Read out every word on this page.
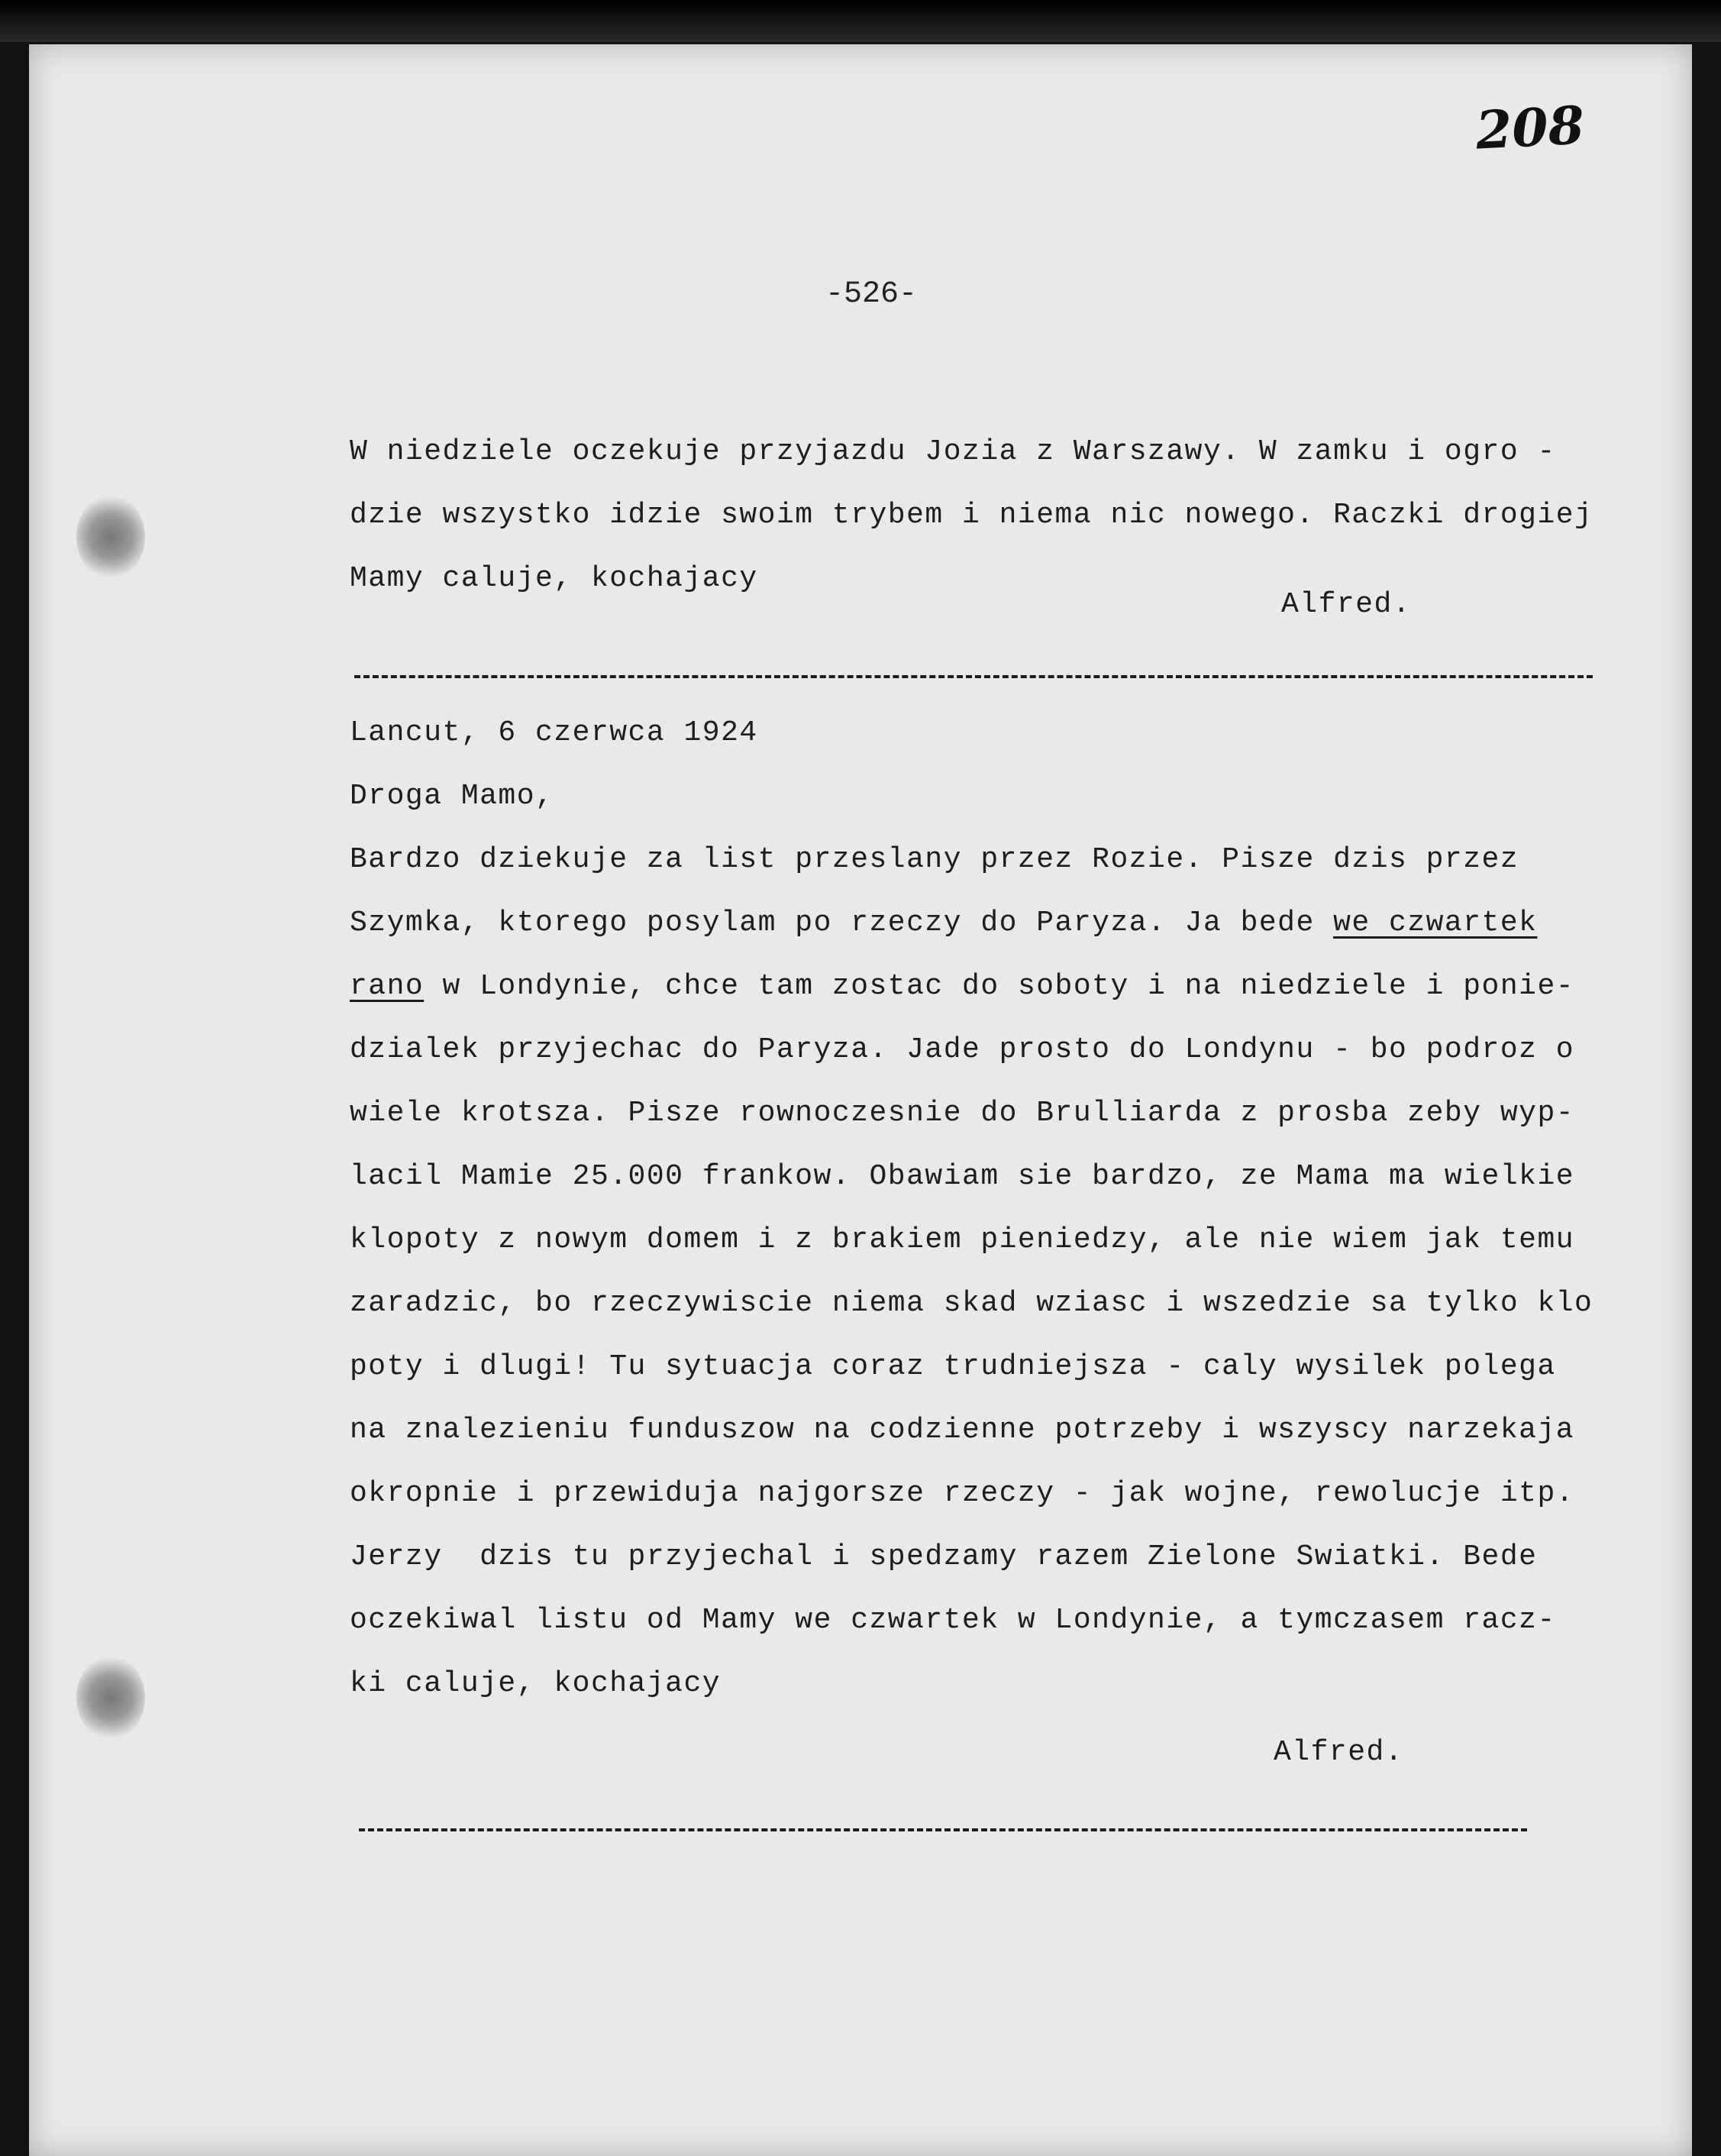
208
-526-
W niedziele oczekuje przyjazdu Jozia z Warszawy. W zamku i ogro -
dzie wszystko idzie swoim trybem i niema nic nowego. Raczki drogiej
Mamy caluje, kochajacy
Alfred.
Lancut, 6 czerwca 1924
Droga Mamo,
Bardzo dziekuje za list przeslany przez Rozie. Pisze dzis przez
Szymka, ktorego posylam po rzeczy do Paryza. Ja bede we czwartek
rano w Londynie, chce tam zostac do soboty i na niedziele i ponie-
dzialek przyjechac do Paryza. Jade prosto do Londynu - bo podroz o
wiele krotsza. Pisze rownoczesnie do Brulliarda z prosba zeby wyp-
lacil Mamie 25.000 frankow. Obawiam sie bardzo, ze Mama ma wielkie
klopoty z nowym domem i z brakiem pieniedzy, ale nie wiem jak temu
zaradzic, bo rzeczywiscie niema skad wziasc i wszedzie sa tylko klo
poty i dlugi! Tu sytuacja coraz trudniejsza - caly wysilek polega
na znalezieniu funduszow na codzienne potrzeby i wszyscy narzekaja
okropnie i przewiduja najgorsze rzeczy - jak wojne, rewolucje itp.
Jerzy  dzis tu przyjechal i spedzamy razem Zielone Swiatki. Bede
oczekiwal listu od Mamy we czwartek w Londynie, a tymczasem racz-
ki caluje, kochajacy
Alfred.
